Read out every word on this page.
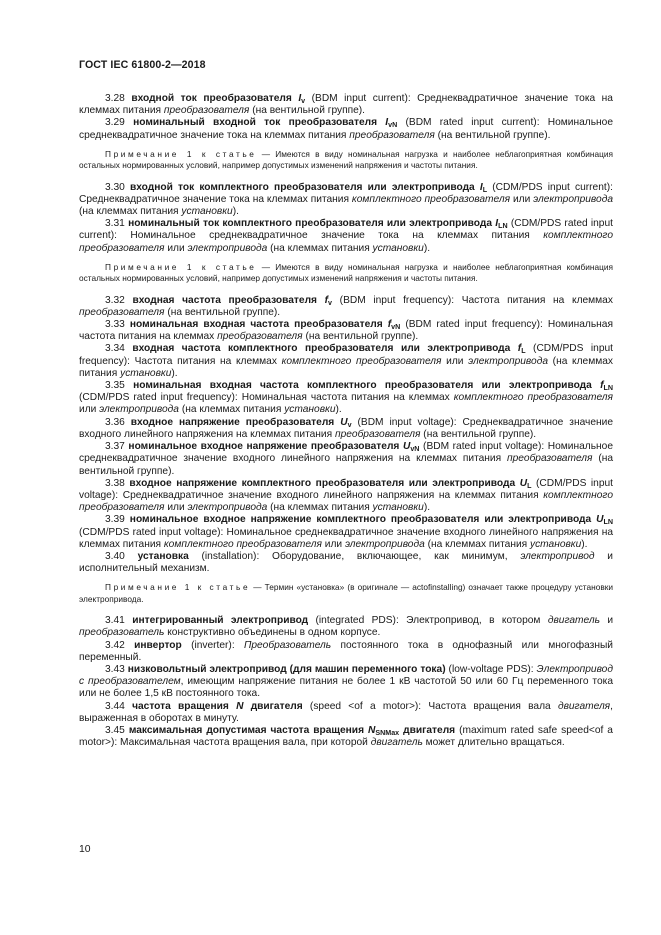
ГОСТ IEC 61800-2—2018

3.28 входной ток преобразователя $I_v$ (BDM input current): Среднеквадратичное значение тока на клеммах питания преобразователя (на вентильной группе).

3.29 номинальный входной ток преобразователя $I_{vN}$ (BDM rated input current): Номинальное среднеквадратичное значение тока на клеммах питания преобразователя (на вентильной группе).

Примечание 1 к статье — Имеются в виду номинальная нагрузка и наиболее неблагоприятная комбинация остальных нормированных условий, например допустимых изменений напряжения и частоты питания.

3.30 входной ток комплектного преобразователя или электропривода $I_L$ (CDM/PDS input current): Среднеквадратичное значение тока на клеммах питания комплектного преобразователя или электропривода (на клеммах питания установки).

3.31 номинальный ток комплектного преобразователя или электропривода $I_{LN}$ (CDM/PDS rated input current): Номинальное среднеквадратичное значение тока на клеммах питания комплектного преобразователя или электропривода (на клеммах питания установки).

Примечание 1 к статье — Имеются в виду номинальная нагрузка и наиболее неблагоприятная комбинация остальных нормированных условий, например допустимых изменений напряжения и частоты питания.

3.32 входная частота преобразователя $f_v$ (BDM input frequency): Частота питания на клеммах преобразователя (на вентильной группе).

3.33 номинальная входная частота преобразователя $f_{vN}$ (BDM rated input frequency): Номинальная частота питания на клеммах преобразователя (на вентильной группе).

3.34 входная частота комплектного преобразователя или электропривода $f_L$ (CDM/PDS input frequency): Частота питания на клеммах комплектного преобразователя или электропривода (на клеммах питания установки).

3.35 номинальная входная частота комплектного преобразователя или электропривода $f_{LN}$ (CDM/PDS rated input frequency): Номинальная частота питания на клеммах комплектного преобразователя или электропривода (на клеммах питания установки).

3.36 входное напряжение преобразователя $U_v$ (BDM input voltage): Среднеквадратичное значение входного линейного напряжения на клеммах питания преобразователя (на вентильной группе).

3.37 номинальное входное напряжение преобразователя $U_{vN}$ (BDM rated input voltage): Номинальное среднеквадратичное значение входного линейного напряжения на клеммах питания преобразователя (на вентильной группе).

3.38 входное напряжение комплектного преобразователя или электропривода $U_L$ (CDM/PDS input voltage): Среднеквадратичное значение входного линейного напряжения на клеммах питания комплектного преобразователя или электропривода (на клеммах питания установки).

3.39 номинальное входное напряжение комплектного преобразователя или электропривода $U_{LN}$ (CDM/PDS rated input voltage): Номинальное среднеквадратичное значение входного линейного напряжения на клеммах питания комплектного преобразователя или электропривода (на клеммах питания установки).

3.40 установка (installation): Оборудование, включающее, как минимум, электропривод и исполнительный механизм.

Примечание 1 к статье — Термин «установка» (в оригинале — actofinstalling) означает также процедуру установки электропривода.

3.41 интегрированный электропривод (integrated PDS): Электропривод, в котором двигатель и преобразователь конструктивно объединены в одном корпусе.

3.42 инвертор (inverter): Преобразователь постоянного тока в однофазный или многофазный переменный.

3.43 низковольтный электропривод (для машин переменного тока) (low-voltage PDS): Электропривод с преобразователем, имеющим напряжение питания не более 1 кВ частотой 50 или 60 Гц переменного тока или не более 1,5 кВ постоянного тока.

3.44 частота вращения N двигателя (speed <of a motor>): Частота вращения вала двигателя, выраженная в оборотах в минуту.

3.45 максимальная допустимая частота вращения $N_{SNMax}$ двигателя (maximum rated safe speed<of a motor>): Максимальная частота вращения вала, при которой двигатель может длительно вращаться.

10
